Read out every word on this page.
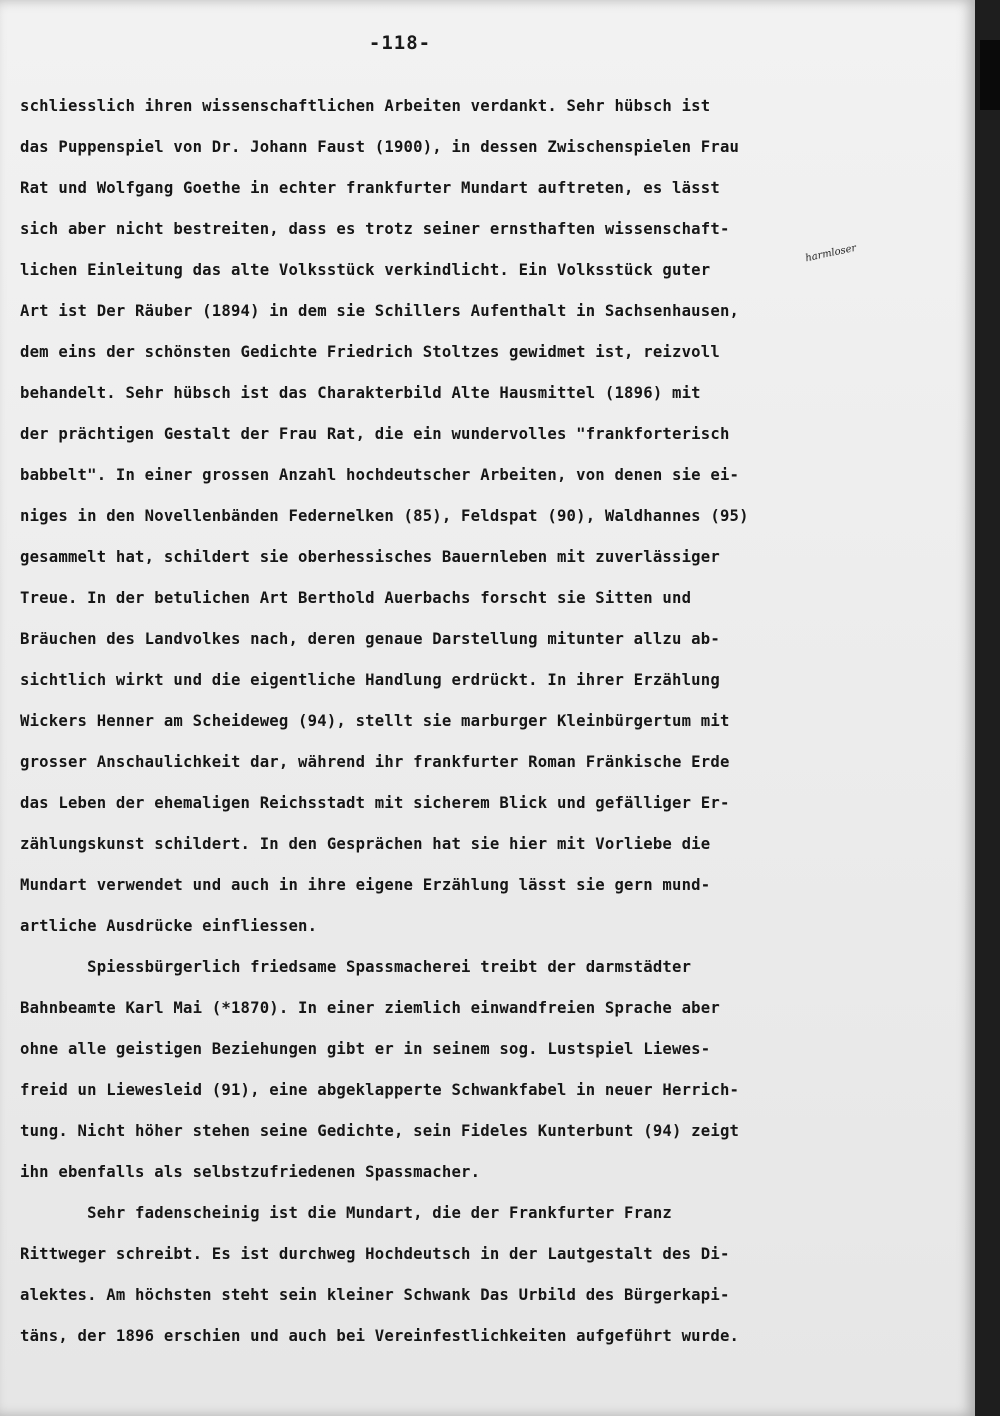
-118-
harmloser
schliesslich ihren wissenschaftlichen Arbeiten verdankt. Sehr hübsch ist
das Puppenspiel von Dr. Johann Faust (1900), in dessen Zwischenspielen Frau
Rat und Wolfgang Goethe in echter frankfurter Mundart auftreten, es lässt
sich aber nicht bestreiten, dass es trotz seiner ernsthaften wissenschaft-
lichen Einleitung das alte Volksstück verkindlicht. Ein Volksstück guter
Art ist Der Räuber (1894) in dem sie Schillers Aufenthalt in Sachsenhausen,
dem eins der schönsten Gedichte Friedrich Stoltzes gewidmet ist, reizvoll
behandelt. Sehr hübsch ist das Charakterbild Alte Hausmittel (1896) mit
der prächtigen Gestalt der Frau Rat, die ein wundervolles "frankforterisch
babbelt". In einer grossen Anzahl hochdeutscher Arbeiten, von denen sie ei-
niges in den Novellenbänden Federnelken (85), Feldspat (90), Waldhannes (95)
gesammelt hat, schildert sie oberhessisches Bauernleben mit zuverlässiger
Treue. In der betulichen Art Berthold Auerbachs forscht sie Sitten und
Bräuchen des Landvolkes nach, deren genaue Darstellung mitunter allzu ab-
sichtlich wirkt und die eigentliche Handlung erdrückt. In ihrer Erzählung
Wickers Henner am Scheideweg (94), stellt sie marburger Kleinbürgertum mit
grosser Anschaulichkeit dar, während ihr frankfurter Roman Fränkische Erde
das Leben der ehemaligen Reichsstadt mit sicherem Blick und gefälliger Er-
zählungskunst schildert. In den Gesprächen hat sie hier mit Vorliebe die
Mundart verwendet und auch in ihre eigene Erzählung lässt sie gern mund-
artliche Ausdrücke einfliessen.
Spiessbürgerlich friedsame Spassmacherei treibt der darmstädter
Bahnbeamte Karl Mai (*1870). In einer ziemlich einwandfreien Sprache aber
ohne alle geistigen Beziehungen gibt er in seinem sog. Lustspiel Liewes-
freid un Liewesleid (91), eine abgeklapperte Schwankfabel in neuer Herrich-
tung. Nicht höher stehen seine Gedichte, sein Fideles Kunterbunt (94) zeigt
ihn ebenfalls als selbstzufriedenen Spassmacher.
Sehr fadenscheinig ist die Mundart, die der Frankfurter Franz
Rittweger schreibt. Es ist durchweg Hochdeutsch in der Lautgestalt des Di-
alektes. Am höchsten steht sein kleiner Schwank Das Urbild des Bürgerkapi-
täns, der 1896 erschien und auch bei Vereinfestlichkeiten aufgeführt wurde.
